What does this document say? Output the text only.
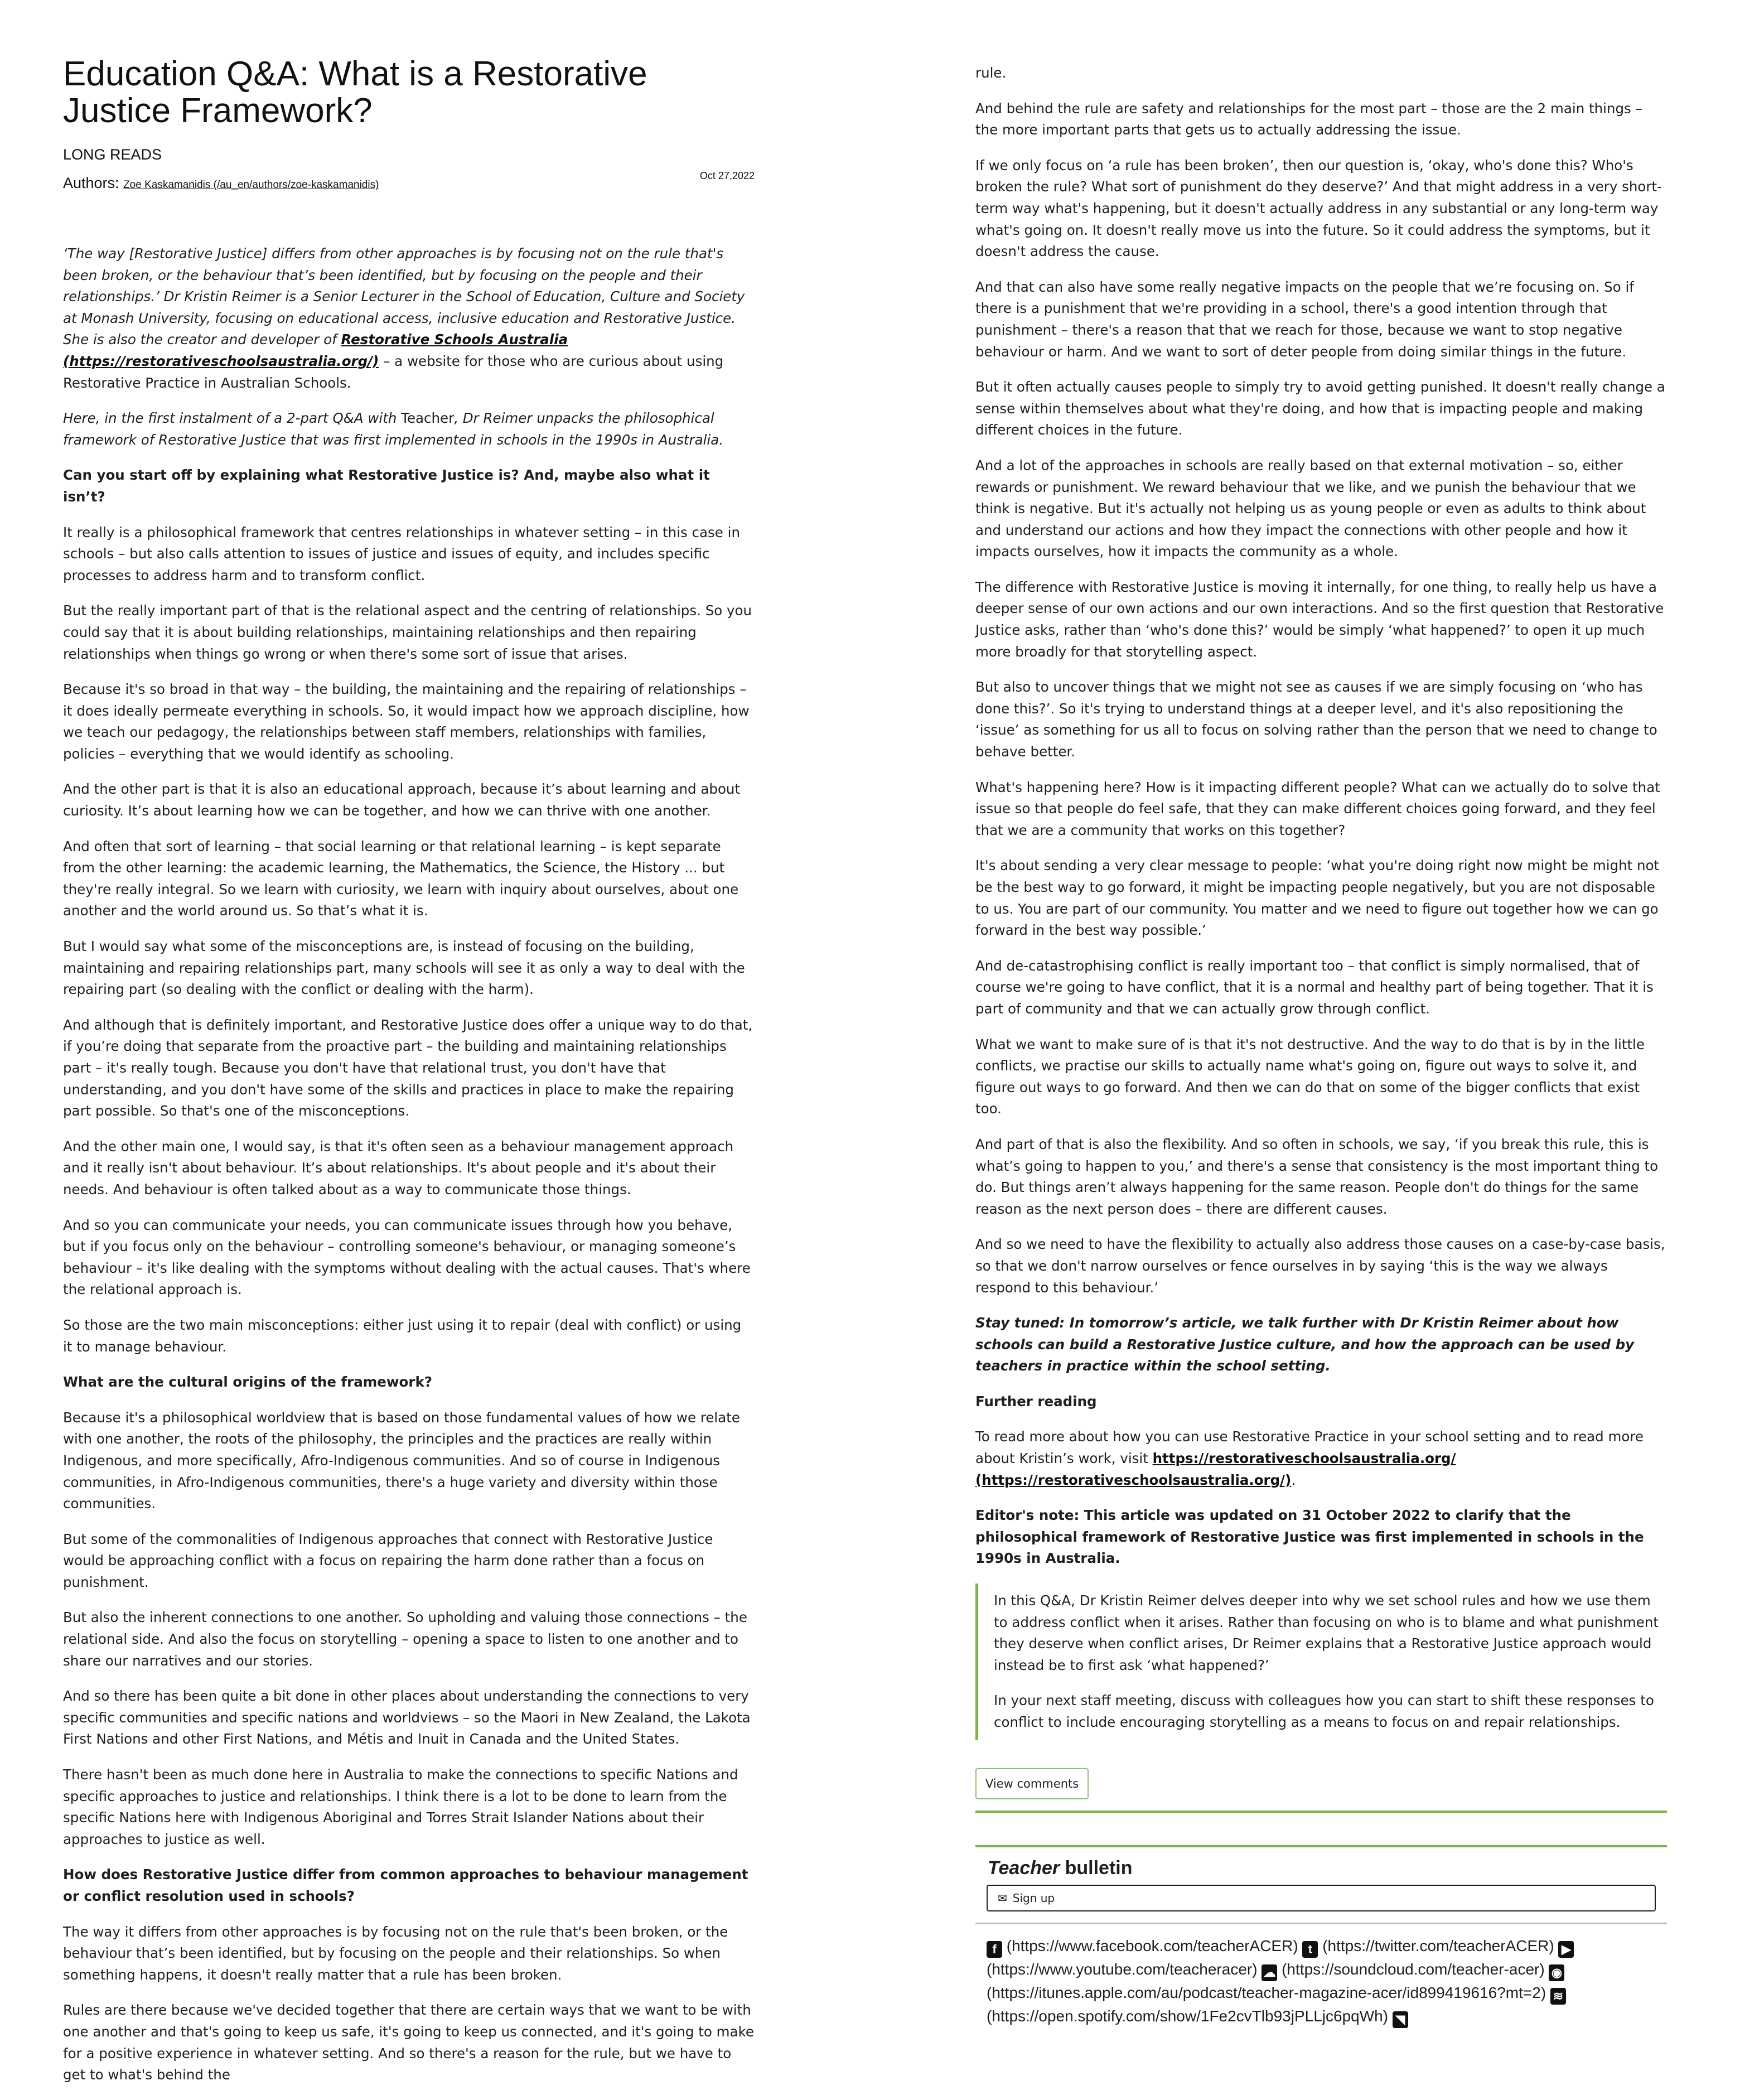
Education Q&A: What is a Restorative Justice Framework?
LONG READS
Authors: Zoe Kaskamanidis (/au_en/authors/zoe-kaskamanidis)
Oct 27,2022

‘The way [Restorative Justice] differs from other approaches is by focusing not on the rule that's been broken, or the behaviour that’s been identified, but by focusing on the people and their relationships.’ Dr Kristin Reimer is a Senior Lecturer in the School of Education, Culture and Society at Monash University, focusing on educational access, inclusive education and Restorative Justice. She is also the creator and developer of Restorative Schools Australia (https://restorativeschoolsaustralia.org/) – a website for those who are curious about using Restorative Practice in Australian Schools.

Here, in the first instalment of a 2-part Q&A with Teacher, Dr Reimer unpacks the philosophical framework of Restorative Justice that was first implemented in schools in the 1990s in Australia.

Can you start off by explaining what Restorative Justice is? And, maybe also what it isn’t?

It really is a philosophical framework that centres relationships in whatever setting – in this case in schools – but also calls attention to issues of justice and issues of equity, and includes specific processes to address harm and to transform conflict.

But the really important part of that is the relational aspect and the centring of relationships. So you could say that it is about building relationships, maintaining relationships and then repairing relationships when things go wrong or when there's some sort of issue that arises.

Because it's so broad in that way – the building, the maintaining and the repairing of relationships – it does ideally permeate everything in schools. So, it would impact how we approach discipline, how we teach our pedagogy, the relationships between staff members, relationships with families, policies – everything that we would identify as schooling.

And the other part is that it is also an educational approach, because it’s about learning and about curiosity. It’s about learning how we can be together, and how we can thrive with one another.

And often that sort of learning – that social learning or that relational learning – is kept separate from the other learning: the academic learning, the Mathematics, the Science, the History ... but they're really integral. So we learn with curiosity, we learn with inquiry about ourselves, about one another and the world around us. So that’s what it is.

But I would say what some of the misconceptions are, is instead of focusing on the building, maintaining and repairing relationships part, many schools will see it as only a way to deal with the repairing part (so dealing with the conflict or dealing with the harm).

And although that is definitely important, and Restorative Justice does offer a unique way to do that, if you’re doing that separate from the proactive part – the building and maintaining relationships part – it's really tough. Because you don't have that relational trust, you don't have that understanding, and you don't have some of the skills and practices in place to make the repairing part possible. So that's one of the misconceptions.

And the other main one, I would say, is that it's often seen as a behaviour management approach and it really isn't about behaviour. It’s about relationships. It's about people and it's about their needs. And behaviour is often talked about as a way to communicate those things.

And so you can communicate your needs, you can communicate issues through how you behave, but if you focus only on the behaviour – controlling someone's behaviour, or managing someone’s behaviour – it's like dealing with the symptoms without dealing with the actual causes. That's where the relational approach is.

So those are the two main misconceptions: either just using it to repair (deal with conflict) or using it to manage behaviour.

What are the cultural origins of the framework?

Because it's a philosophical worldview that is based on those fundamental values of how we relate with one another, the roots of the philosophy, the principles and the practices are really within Indigenous, and more specifically, Afro-Indigenous communities. And so of course in Indigenous communities, in Afro-Indigenous communities, there's a huge variety and diversity within those communities.

But some of the commonalities of Indigenous approaches that connect with Restorative Justice would be approaching conflict with a focus on repairing the harm done rather than a focus on punishment.

But also the inherent connections to one another. So upholding and valuing those connections – the relational side. And also the focus on storytelling – opening a space to listen to one another and to share our narratives and our stories.

And so there has been quite a bit done in other places about understanding the connections to very specific communities and specific nations and worldviews – so the Maori in New Zealand, the Lakota First Nations and other First Nations, and Métis and Inuit in Canada and the United States.

There hasn't been as much done here in Australia to make the connections to specific Nations and specific approaches to justice and relationships. I think there is a lot to be done to learn from the specific Nations here with Indigenous Aboriginal and Torres Strait Islander Nations about their approaches to justice as well.

How does Restorative Justice differ from common approaches to behaviour management or conflict resolution used in schools?

The way it differs from other approaches is by focusing not on the rule that's been broken, or the behaviour that’s been identified, but by focusing on the people and their relationships. So when something happens, it doesn't really matter that a rule has been broken.

Rules are there because we've decided together that there are certain ways that we want to be with one another and that's going to keep us safe, it's going to keep us connected, and it's going to make for a positive experience in whatever setting. And so there's a reason for the rule, but we have to get to what's behind the

rule.

And behind the rule are safety and relationships for the most part – those are the 2 main things – the more important parts that gets us to actually addressing the issue.

If we only focus on ‘a rule has been broken’, then our question is, ‘okay, who's done this? Who's broken the rule? What sort of punishment do they deserve?’ And that might address in a very short-term way what's happening, but it doesn't actually address in any substantial or any long-term way what's going on. It doesn't really move us into the future. So it could address the symptoms, but it doesn't address the cause.

And that can also have some really negative impacts on the people that we’re focusing on. So if there is a punishment that we're providing in a school, there's a good intention through that punishment – there's a reason that that we reach for those, because we want to stop negative behaviour or harm. And we want to sort of deter people from doing similar things in the future.

But it often actually causes people to simply try to avoid getting punished. It doesn't really change a sense within themselves about what they're doing, and how that is impacting people and making different choices in the future.

And a lot of the approaches in schools are really based on that external motivation – so, either rewards or punishment. We reward behaviour that we like, and we punish the behaviour that we think is negative. But it's actually not helping us as young people or even as adults to think about and understand our actions and how they impact the connections with other people and how it impacts ourselves, how it impacts the community as a whole.

The difference with Restorative Justice is moving it internally, for one thing, to really help us have a deeper sense of our own actions and our own interactions. And so the first question that Restorative Justice asks, rather than ‘who's done this?’ would be simply ‘what happened?’ to open it up much more broadly for that storytelling aspect.

But also to uncover things that we might not see as causes if we are simply focusing on ‘who has done this?’. So it's trying to understand things at a deeper level, and it's also repositioning the ‘issue’ as something for us all to focus on solving rather than the person that we need to change to behave better.

What's happening here? How is it impacting different people? What can we actually do to solve that issue so that people do feel safe, that they can make different choices going forward, and they feel that we are a community that works on this together?

It's about sending a very clear message to people: ‘what you're doing right now might be might not be the best way to go forward, it might be impacting people negatively, but you are not disposable to us. You are part of our community. You matter and we need to figure out together how we can go forward in the best way possible.’

And de-catastrophising conflict is really important too – that conflict is simply normalised, that of course we're going to have conflict, that it is a normal and healthy part of being together. That it is part of community and that we can actually grow through conflict.

What we want to make sure of is that it's not destructive. And the way to do that is by in the little conflicts, we practise our skills to actually name what's going on, figure out ways to solve it, and figure out ways to go forward. And then we can do that on some of the bigger conflicts that exist too.

And part of that is also the flexibility. And so often in schools, we say, ‘if you break this rule, this is what’s going to happen to you,’ and there's a sense that consistency is the most important thing to do. But things aren’t always happening for the same reason. People don't do things for the same reason as the next person does – there are different causes.

And so we need to have the flexibility to actually also address those causes on a case-by-case basis, so that we don't narrow ourselves or fence ourselves in by saying ‘this is the way we always respond to this behaviour.’

Stay tuned: In tomorrow’s article, we talk further with Dr Kristin Reimer about how schools can build a Restorative Justice culture, and how the approach can be used by teachers in practice within the school setting.

Further reading

To read more about how you can use Restorative Practice in your school setting and to read more about Kristin’s work, visit https://restorativeschoolsaustralia.org/ (https://restorativeschoolsaustralia.org/).

Editor's note: This article was updated on 31 October 2022 to clarify that the philosophical framework of Restorative Justice was first implemented in schools in the 1990s in Australia.

In this Q&A, Dr Kristin Reimer delves deeper into why we set school rules and how we use them to address conflict when it arises. Rather than focusing on who is to blame and what punishment they deserve when conflict arises, Dr Reimer explains that a Restorative Justice approach would instead be to first ask ‘what happened?’

In your next staff meeting, discuss with colleagues how you can start to shift these responses to conflict to include encouraging storytelling as a means to focus on and repair relationships.

View comments
Teacher bulletin
✉ Sign up
f (https://www.facebook.com/teacherACER) t (https://twitter.com/teacherACER) ▶ (https://www.youtube.com/teacheracer) ☁ (https://soundcloud.com/teacher-acer) ◉ (https://itunes.apple.com/au/podcast/teacher-magazine-acer/id899419616?mt=2) ≋ (https://open.spotify.com/show/1Fe2cvTlb93jPLLjc6pqWh) ◥
